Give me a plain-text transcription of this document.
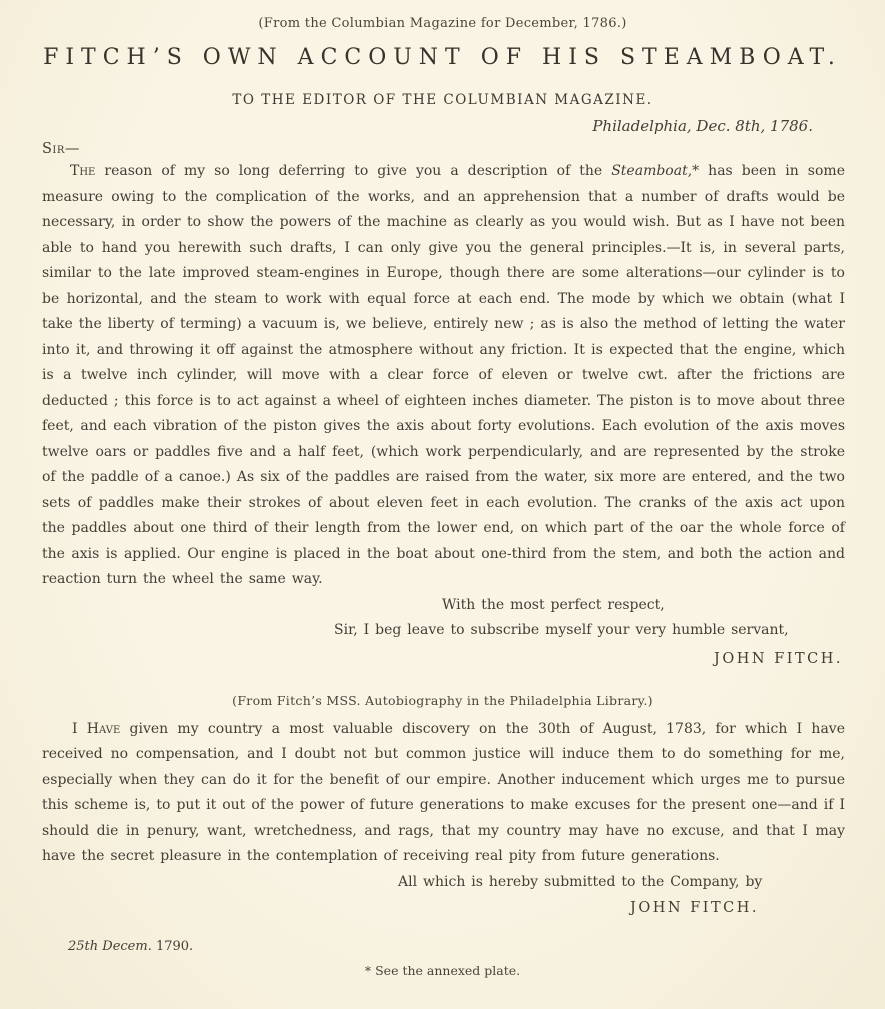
(From the Columbian Magazine for December, 1786.)
FITCH’S OWN ACCOUNT OF HIS STEAMBOAT.
TO THE EDITOR OF THE COLUMBIAN MAGAZINE.
Philadelphia, Dec. 8th, 1786.
Sir—

The reason of my so long deferring to give you a description of the Steamboat,* has been in some measure owing to the complication of the works, and an apprehension that a number of drafts would be necessary, in order to show the powers of the machine as clearly as you would wish. But as I have not been able to hand you herewith such drafts, I can only give you the general principles.—It is, in several parts, similar to the late improved steam-engines in Europe, though there are some alterations—our cylinder is to be horizontal, and the steam to work with equal force at each end. The mode by which we obtain (what I take the liberty of terming) a vacuum is, we believe, entirely new ; as is also the method of letting the water into it, and throwing it off against the atmosphere without any friction. It is expected that the engine, which is a twelve inch cylinder, will move with a clear force of eleven or twelve cwt. after the frictions are deducted ; this force is to act against a wheel of eighteen inches diameter. The piston is to move about three feet, and each vibration of the piston gives the axis about forty evolutions. Each evolution of the axis moves twelve oars or paddles five and a half feet, (which work perpendicularly, and are represented by the stroke of the paddle of a canoe.) As six of the paddles are raised from the water, six more are entered, and the two sets of paddles make their strokes of about eleven feet in each evolution. The cranks of the axis act upon the paddles about one third of their length from the lower end, on which part of the oar the whole force of the axis is applied. Our engine is placed in the boat about one-third from the stem, and both the action and reaction turn the wheel the same way.

With the most perfect respect,
Sir, I beg leave to subscribe myself your very humble servant,
JOHN FITCH.
(From Fitch’s MSS. Autobiography in the Philadelphia Library.)

I Have given my country a most valuable discovery on the 30th of August, 1783, for which I have received no compensation, and I doubt not but common justice will induce them to do something for me, especially when they can do it for the benefit of our empire. Another inducement which urges me to pursue this scheme is, to put it out of the power of future generations to make excuses for the present one—and if I should die in penury, want, wretchedness, and rags, that my country may have no excuse, and that I may have the secret pleasure in the contemplation of receiving real pity from future generations.

All which is hereby submitted to the Company, by
JOHN FITCH.
25th Decem. 1790.
* See the annexed plate.
